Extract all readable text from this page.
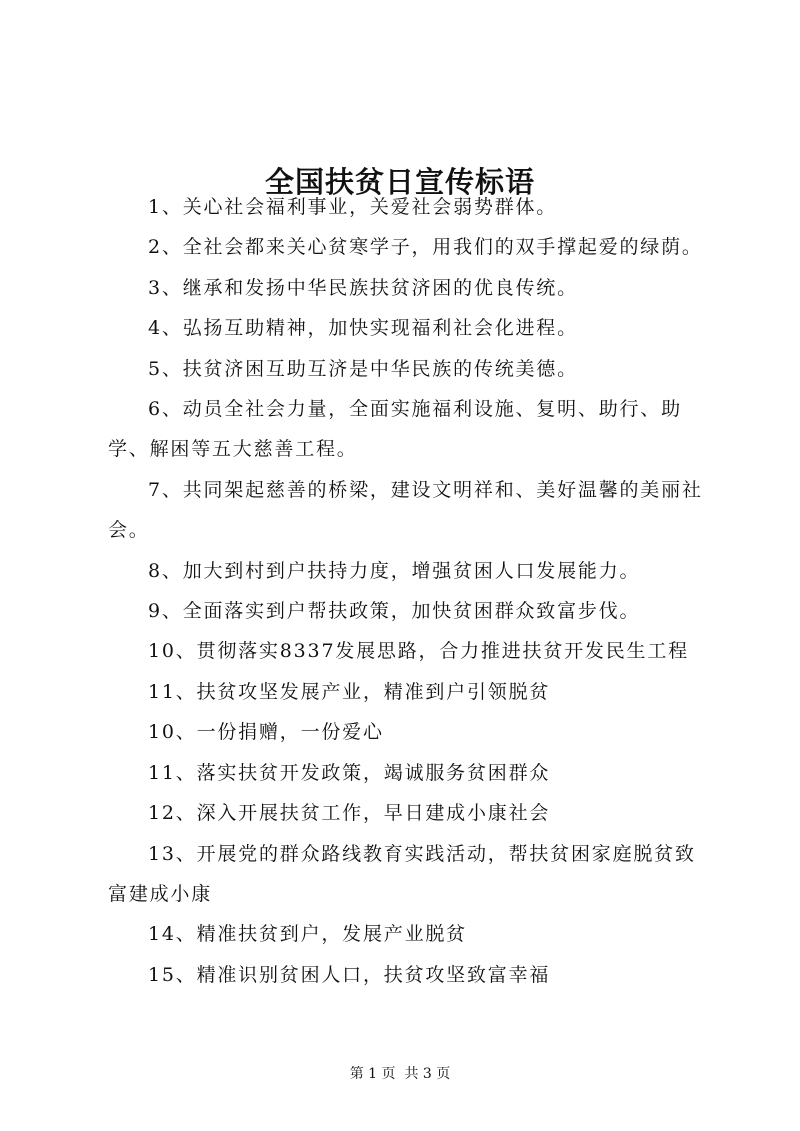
全国扶贫日宣传标语

1、关心社会福利事业，关爱社会弱势群体。

2、全社会都来关心贫寒学子，用我们的双手撑起爱的绿荫。

3、继承和发扬中华民族扶贫济困的优良传统。

4、弘扬互助精神，加快实现福利社会化进程。

5、扶贫济困互助互济是中华民族的传统美德。

6、动员全社会力量，全面实施福利设施、复明、助行、助学、解困等五大慈善工程。

7、共同架起慈善的桥梁，建设文明祥和、美好温馨的美丽社会。

8、加大到村到户扶持力度，增强贫困人口发展能力。

9、全面落实到户帮扶政策，加快贫困群众致富步伐。

10、贯彻落实8337发展思路，合力推进扶贫开发民生工程

11、扶贫攻坚发展产业，精准到户引领脱贫

10、一份捐赠，一份爱心

11、落实扶贫开发政策，竭诚服务贫困群众

12、深入开展扶贫工作，早日建成小康社会

13、开展党的群众路线教育实践活动，帮扶贫困家庭脱贫致富建成小康

14、精准扶贫到户，发展产业脱贫

15、精准识别贫困人口，扶贫攻坚致富幸福

第 1 页 共 3 页
